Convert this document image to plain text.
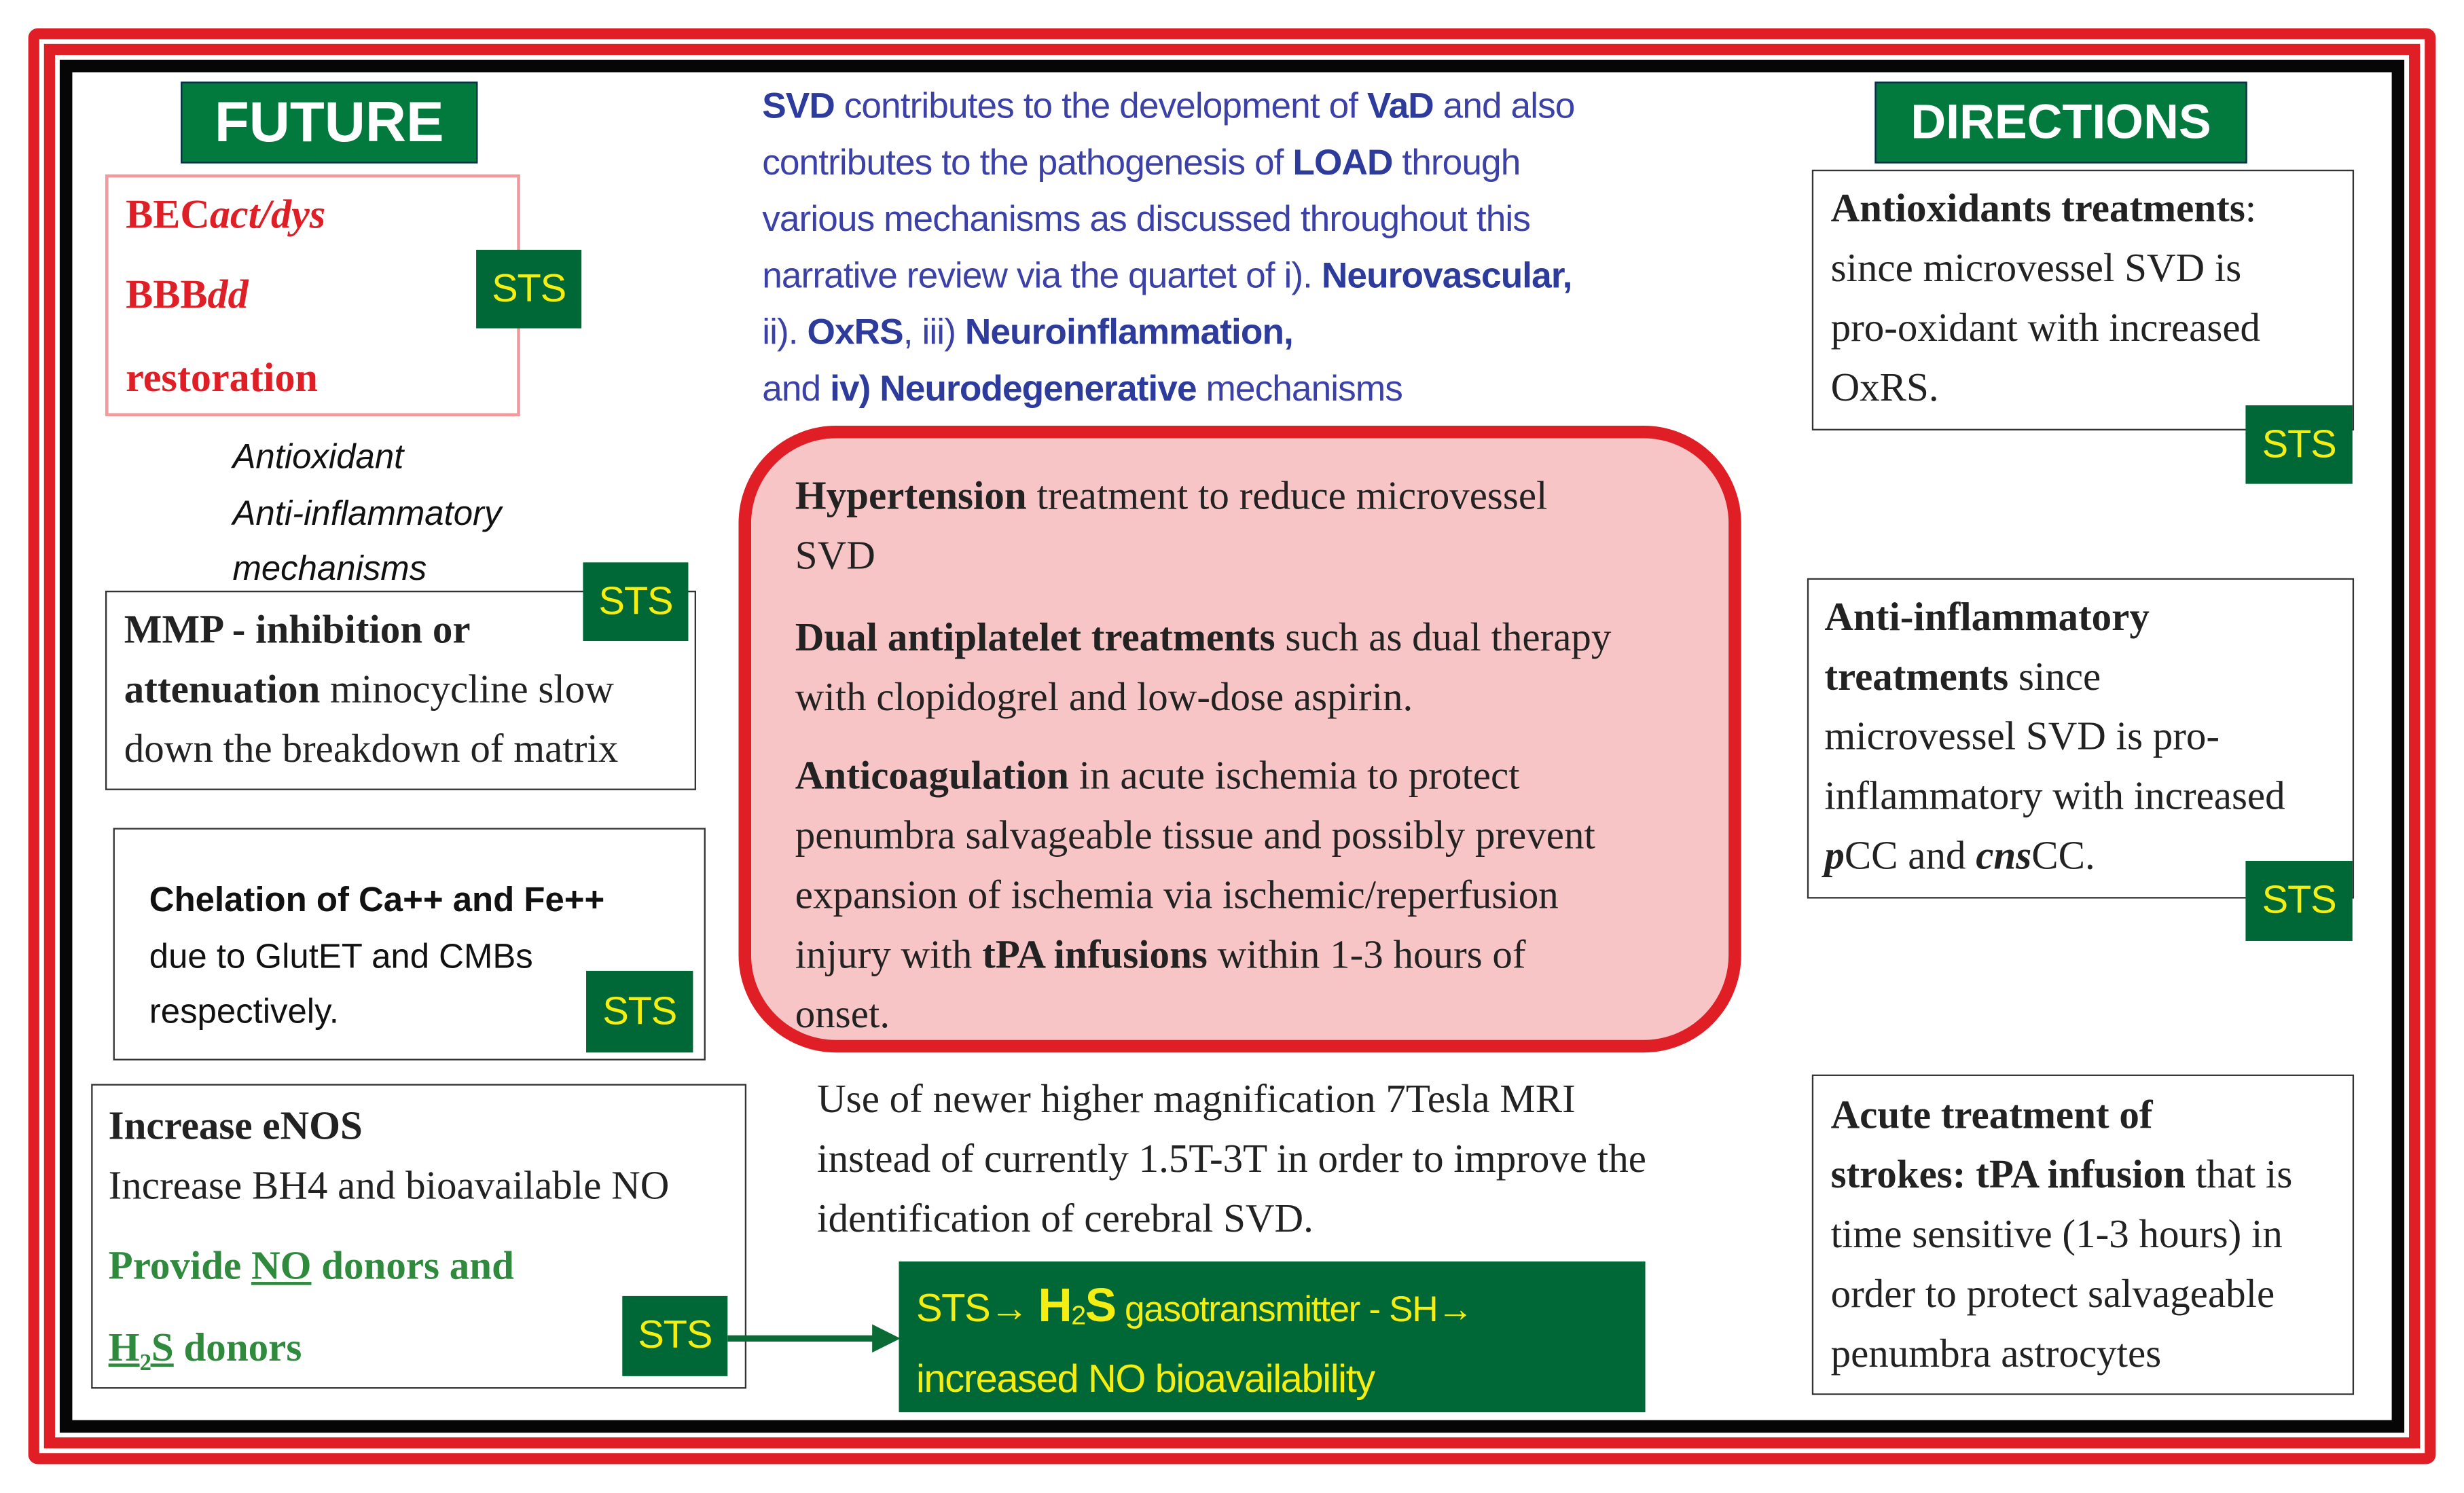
FUTURE
BECact/dys
BBBdd
restoration
STS
Antioxidant
Anti-inflammatory
mechanisms
MMP - inhibition or
attenuation minocycline slow
down the breakdown of matrix
STS
Chelation of Ca++ and Fe++
due to GlutET and CMBs
respectively.	STS
Increase eNOS
Increase BH4 and bioavailable NO
Provide NO donors and
$H_2S$ donors	STS
SVD contributes to the development of VaD and also
contributes to the pathogenesis of LOAD through
various mechanisms as discussed throughout this
narrative review via the quartet of i). Neurovascular,
ii). OxRS, iii) Neuroinflammation,
and iv) Neurodegenerative mechanisms
Hypertension treatment to reduce microvessel
SVD
Dual antiplatelet treatments such as dual therapy
with clopidogrel and low-dose aspirin.
Anticoagulation in acute ischemia to protect
penumbra salvageable tissue and possibly prevent
expansion of ischemia via ischemic/reperfusion
injury with tPA infusions within 1-3 hours of
onset.
Use of newer higher magnification 7Tesla MRI
instead of currently 1.5T-3T in order to improve the
identification of cerebral SVD.
$STS\to H_2S$ gasotransmitter - SH→
increased NO bioavailability
DIRECTIONS
Antioxidants treatments:
since microvessel SVD is
pro-oxidant with increased
OxRS.
STS
Anti-inflammatory
treatments since
microvessel SVD is pro-
inflammatory with increased
pCC and cnsCC.
STS
Acute treatment of
strokes: tPA infusion that is
time sensitive (1-3 hours) in
order to protect salvageable
penumbra astrocytes
